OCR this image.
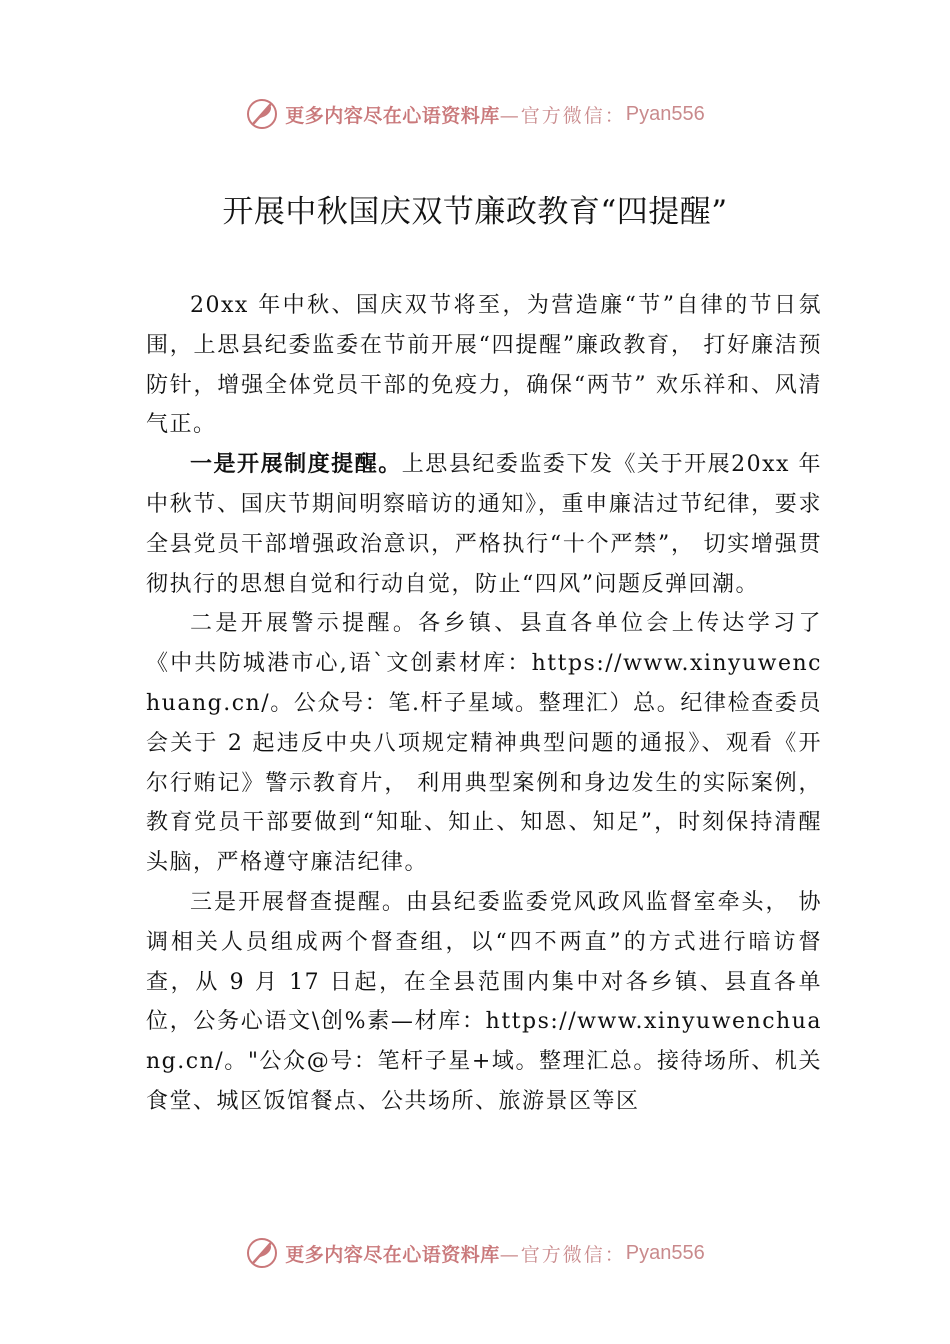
更多内容尽在心语资料库 —官方微信： Pyan556
开展中秋国庆双节廉政教育“四提醒”

20xx 年中秋、国庆双节将至，为营造廉“节”自律的节日氛围，上思县纪委监委在节前开展“四提醒”廉政教育， 打好廉洁预防针，增强全体党员干部的免疫力，确保“两节” 欢乐祥和、风清气正。

一是开展制度提醒。上思县纪委监委下发《关于开展20xx 年中秋节、国庆节期间明察暗访的通知》，重申廉洁过节纪律，要求全县党员干部增强政治意识，严格执行“十个严禁”， 切实增强贯彻执行的思想自觉和行动自觉，防止“四风”问题反弹回潮。

二是开展警示提醒。各乡镇、县直各单位会上传达学习了《中共防城港市心,语`文创素材库：https://www.xinyuwenchuang.cn/。公众号：笔.杆子星域。整理汇）总。纪律检查委员会关于 2 起违反中央八项规定精神典型问题的通报》、观看《开尔行贿记》警示教育片， 利用典型案例和身边发生的实际案例，教育党员干部要做到“知耻、知止、知恩、知足”，时刻保持清醒头脑，严格遵守廉洁纪律。

三是开展督查提醒。由县纪委监委党风政风监督室牵头， 协调相关人员组成两个督查组，以“四不两直”的方式进行暗访督查，从 9 月 17 日起，在全县范围内集中对各乡镇、县直各单位，公务心语文\创%素—材库：https://www.xinyuwenchuang.cn/。"公众@号：笔杆子星+域。整理汇总。接待场所、机关食堂、城区饭馆餐点、公共场所、旅游景区等区

更多内容尽在心语资料库 —官方微信： Pyan556
